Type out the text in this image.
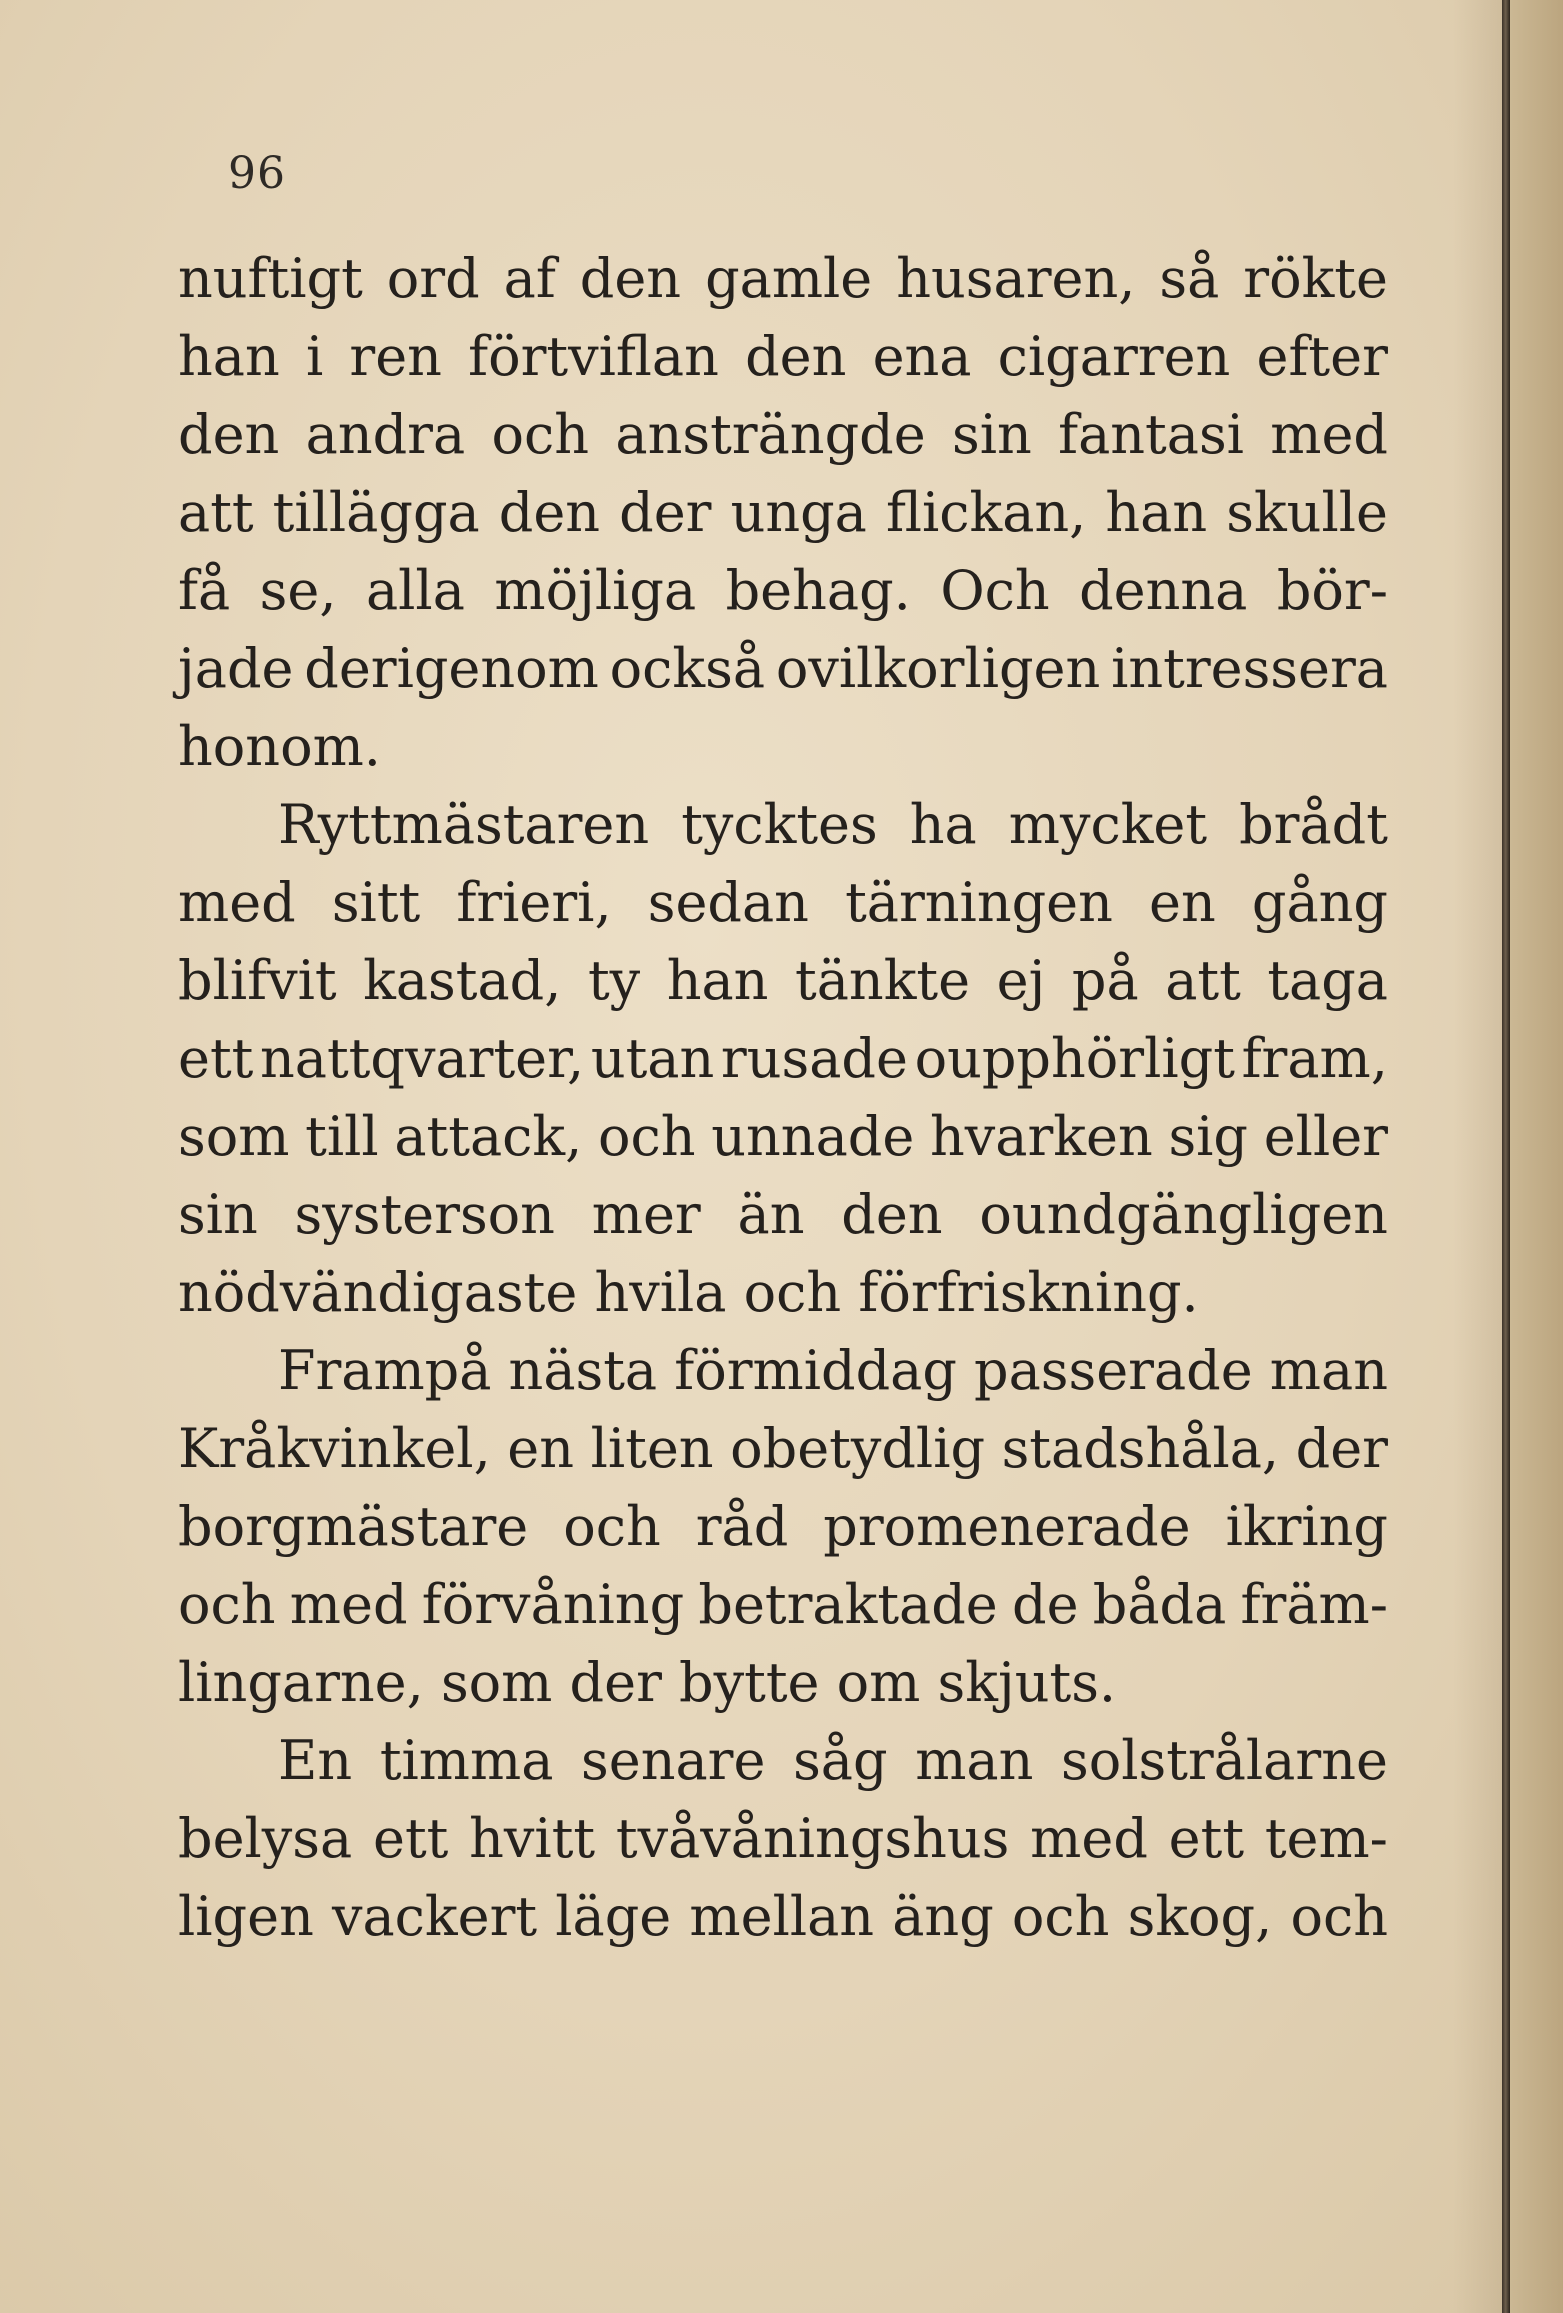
96
nuftigt ord af den gamle husaren, så rökte
han i ren förtviflan den ena cigarren efter
den andra och ansträngde sin fantasi med
att tillägga den der unga flickan, han skulle
få se, alla möjliga behag. Och denna bör-
jade derigenom också ovilkorligen intressera
honom.
Ryttmästaren tycktes ha mycket brådt
med sitt frieri, sedan tärningen en gång
blifvit kastad, ty han tänkte ej på att taga
ett nattqvarter, utan rusade oupphörligt fram,
som till attack, och unnade hvarken sig eller
sin systerson mer än den oundgängligen
nödvändigaste hvila och förfriskning.
Frampå nästa förmiddag passerade man
Kråkvinkel, en liten obetydlig stadshåla, der
borgmästare och råd promenerade ikring
och med förvåning betraktade de båda främ-
lingarne, som der bytte om skjuts.
En timma senare såg man solstrålarne
belysa ett hvitt tvåvåningshus med ett tem-
ligen vackert läge mellan äng och skog, och
